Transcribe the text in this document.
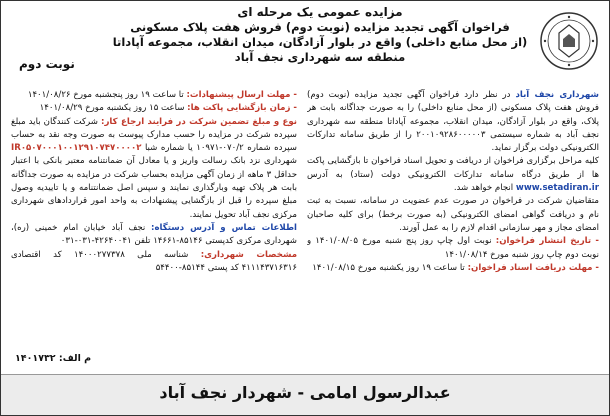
مزایده عمومی یک مرحله ای
فراخوان آگهی تجدید مزایده (نوبت دوم) فروش هفت پلاک مسکونی
(از محل منابع داخلی) واقع در بلوار آزادگان، میدان انقلاب، مجموعه آپاداتا
منطقه سه شهرداری نجف آباد
نوبت دوم

شهرداری نجف آباد در نظر دارد فراخوان آگهی تجدید مزایده (نوبت دوم) فروش هفت پلاک مسکونی (از محل منابع داخلی) را به صورت جداگانه بابت هر پلاک، واقع در بلوار آزادگان، میدان انقلاب، مجموعه آپاداتا منطقه سه شهرداری نجف آباد به شماره سیستمی ۲۰۰۱۰۹۲۸۶۰۰۰۰۰۳ را از طریق سامانه تدارکات الکترونیکی دولت برگزار نماید.

کلیه مراحل برگزاری فراخوان از دریافت و تحویل اسناد فراخوان تا بازگشایی پاکت ها از طریق درگاه سامانه تدارکات الکترونیکی دولت (ستاد) به آدرس www.setadiran.ir انجام خواهد شد.

متقاضیان شرکت در فراخوان در صورت عدم عضویت در سامانه، نسبت به ثبت نام و دریافت گواهی امضای الکترونیکی (به صورت برخط) برای کلیه صاحبان امضای مجاز و مهر سازمانی اقدام لازم را به عمل آورند.

- تاریخ انتشار فراخوان: نوبت اول چاپ روز پنج شنبه مورخ ۱۴۰۱/۰۸/۰۵ و نوبت دوم چاپ روز شنبه مورخ ۱۴۰۱/۰۸/۱۴

- مهلت دریافت اسناد فراخوان: تا ساعت ۱۹ روز یکشنبه مورخ ۱۴۰۱/۰۸/۱۵

- مهلت ارسال پیشنهادات: تا ساعت ۱۹ روز پنجشنبه مورخ ۱۴۰۱/۰۸/۲۶

- زمان بازگشایی پاکت ها: ساعت ۱۵ روز یکشنبه مورخ ۱۴۰۱/۰۸/۲۹

نوع و مبلغ تضمین شرکت در فرایند ارجاع کار: شرکت کنندگان باید مبلغ سپرده شرکت در مزایده را حسب مدارک پیوست به صورت وجه نقد به حساب سپرده شماره ۰۷۰/۲-۱۰۹۷۱ یا شماره شبا IR۰۵۰۷۰۰۰۱۰۰۱۲۹۱۰۷۴۷۰۰۰۰۲ شهرداری نزد بانک رسالت واریز و یا معادل آن ضمانتنامه معتبر بانکی با اعتبار حداقل ۳ ماهه از زمان آگهی مزایده بحساب شرکت در مزایده به صورت جداگانه بابت هر پلاک تهیه وبارگذاری نمایند و سپس اصل ضمانتنامه و یا تاییدیه وصول مبلغ سپرده را قبل از بازگشایی پیشنهادات به واحد امور قراردادهای شهرداری مرکزی نجف آباد تحویل نمایند.

اطلاعات تماس و آدرس دستگاه: نجف آباد خیابان امام خمینی (ره)، شهرداری مرکزی کدپستی ۸۵۱۴۶-۱۴۶۶۱ تلفن ۴۲۶۴۰۰۴۱-۰۳۱-۰۳۱

مشخصات شهرداری: شناسه ملی ۱۴۰۰۰۲۷۷۳۷۸ کد اقتصادی ۴۱۱۱۴۳۷۱۶۳۱۶ کد پستی ۸۵۱۴۴-۵۴۴۰۰

م الف: ۱۴۰۱۷۳۲
عبدالرسول امامی - شهردار نجف آباد
